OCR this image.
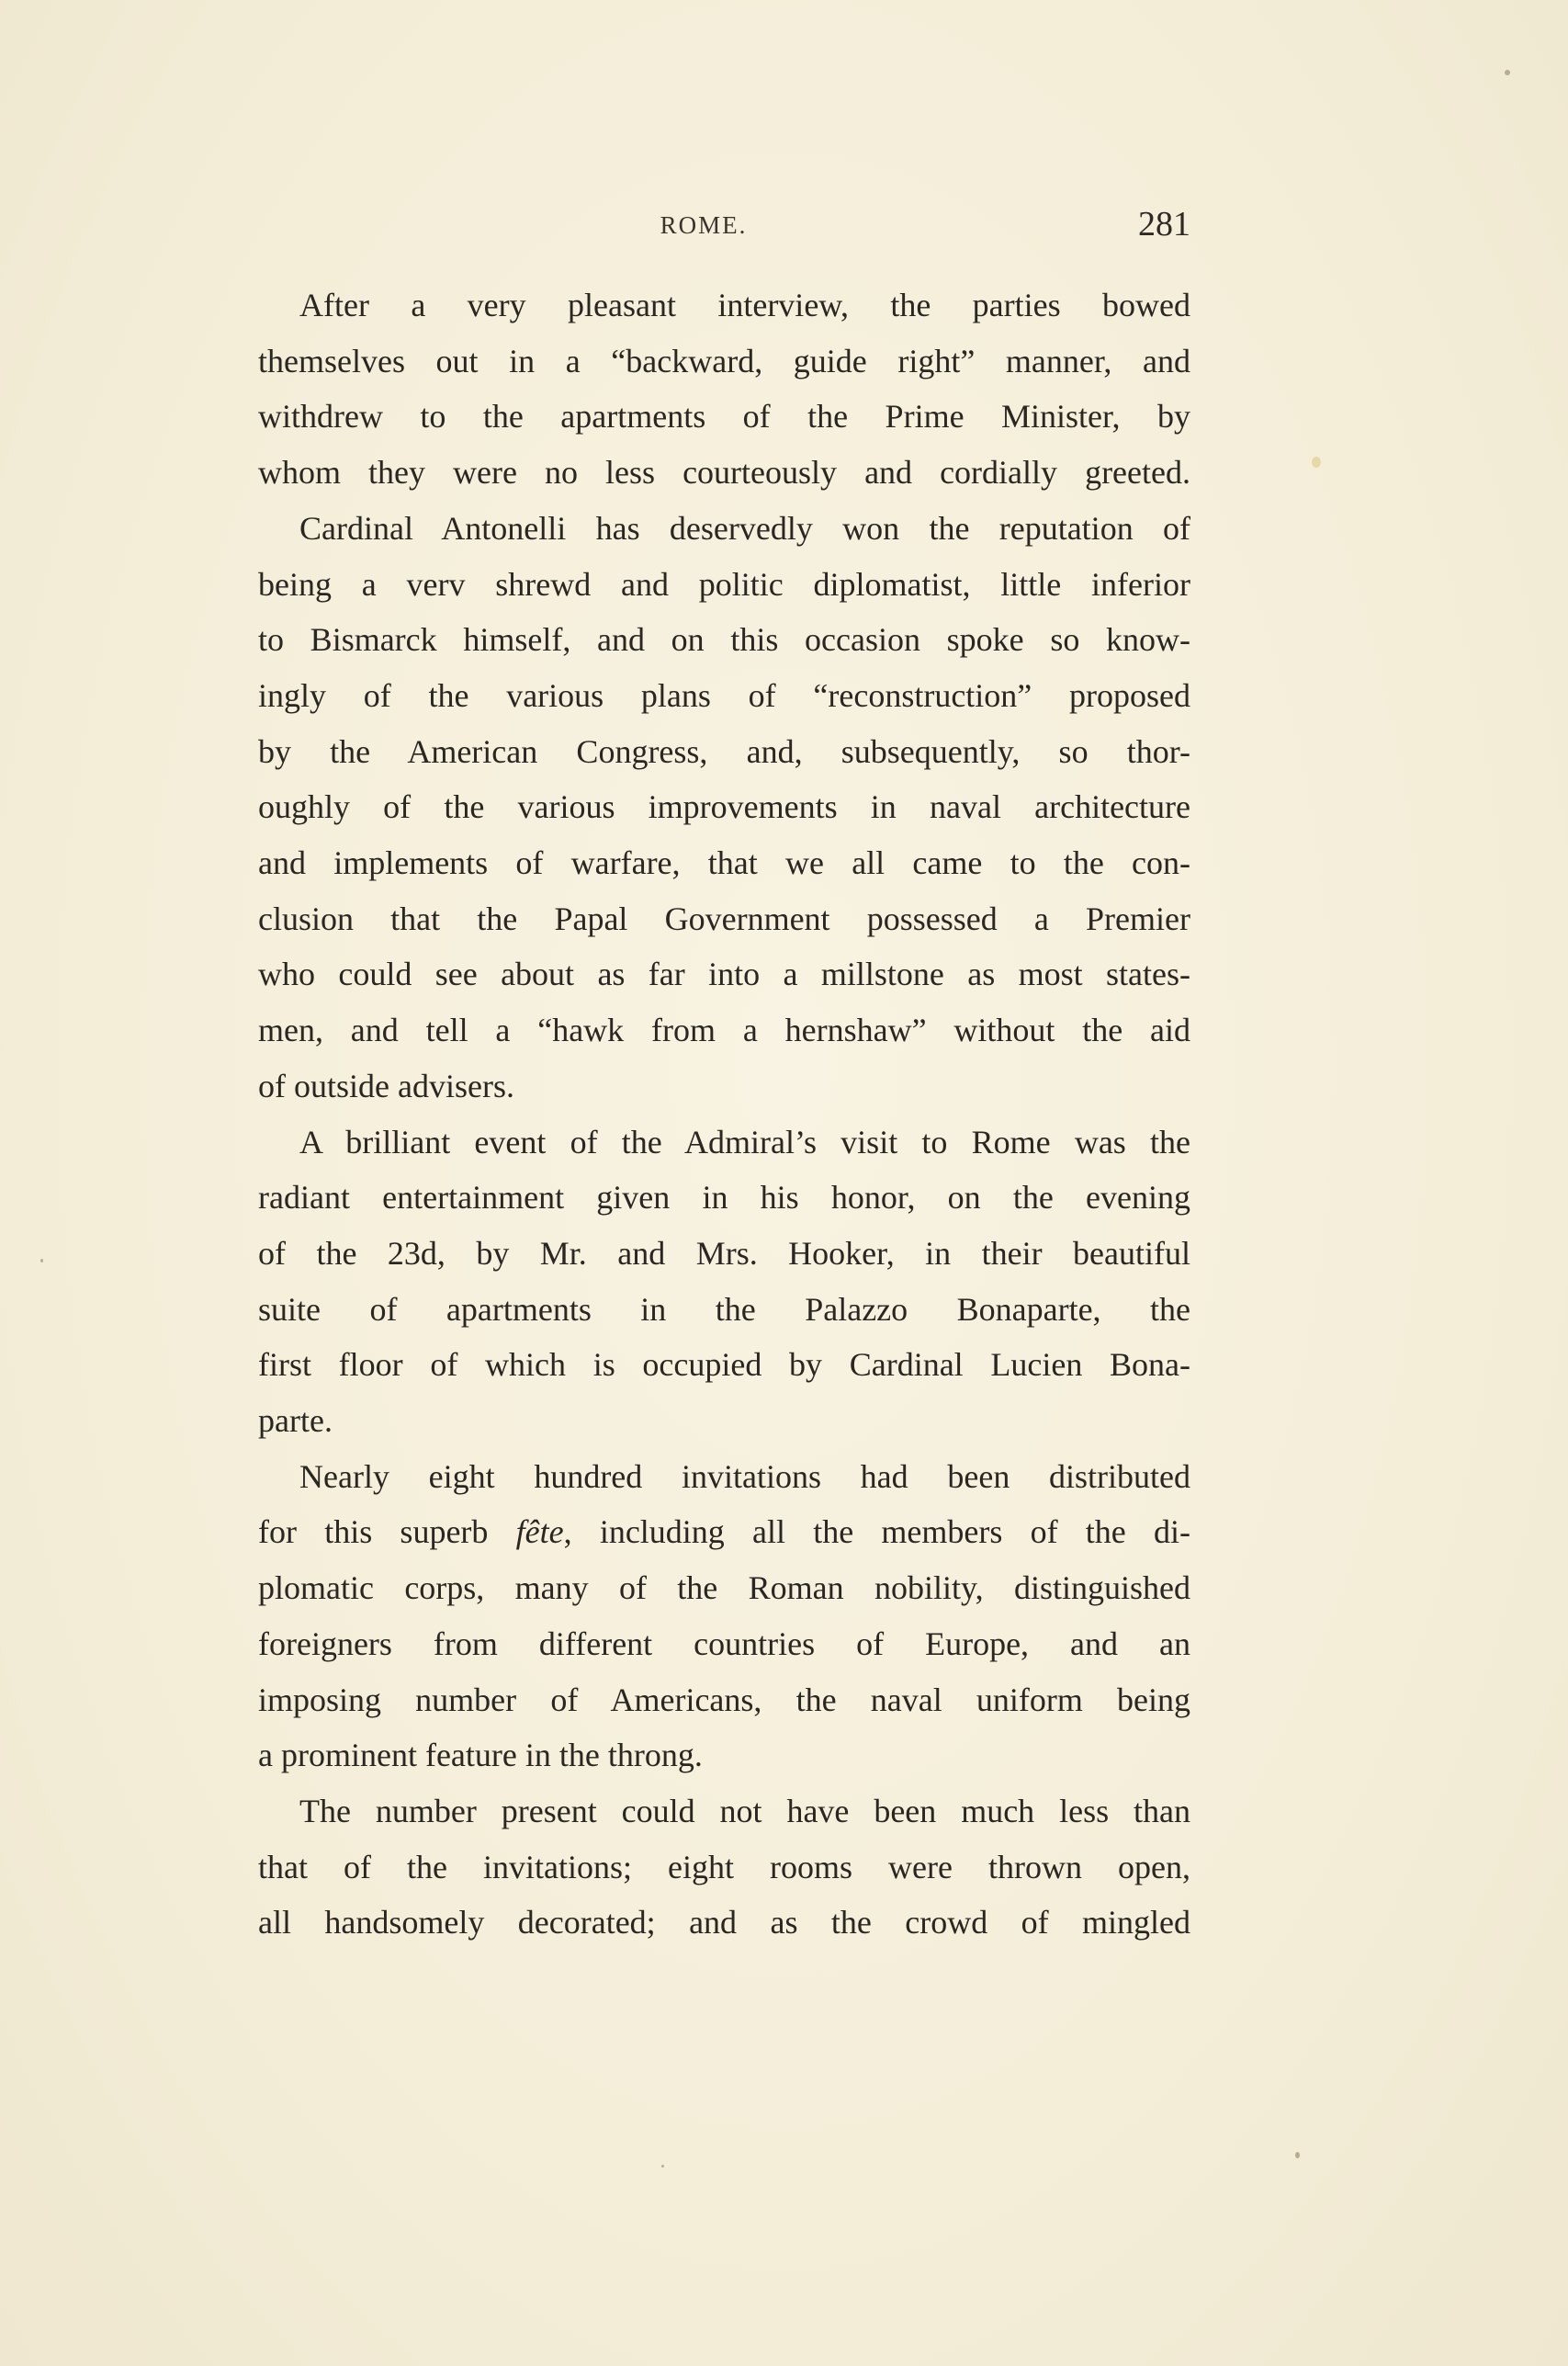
ROME.	281
After a very pleasant interview, the parties bowed
themselves out in a “backward, guide right” manner, and
withdrew to the apartments of the Prime Minister, by
whom they were no less courteously and cordially greeted.
Cardinal Antonelli has deservedly won the reputation of
being a verv shrewd and politic diplomatist, little inferior
to Bismarck himself, and on this occasion spoke so know-
ingly of the various plans of “reconstruction” proposed
by the American Congress, and, subsequently, so thor-
oughly of the various improvements in naval architecture
and implements of warfare, that we all came to the con-
clusion that the Papal Government possessed a Premier
who could see about as far into a millstone as most states-
men, and tell a “hawk from a hernshaw” without the aid
of outside advisers.
A brilliant event of the Admiral’s visit to Rome was the
radiant entertainment given in his honor, on the evening
of the 23d, by Mr. and Mrs. Hooker, in their beautiful
suite of apartments in the Palazzo Bonaparte, the
first floor of which is occupied by Cardinal Lucien Bona-
parte.
Nearly eight hundred invitations had been distributed
for this superb fête, including all the members of the di-
plomatic corps, many of the Roman nobility, distinguished
foreigners from different countries of Europe, and an
imposing number of Americans, the naval uniform being
a prominent feature in the throng.
The number present could not have been much less than
that of the invitations; eight rooms were thrown open,
all handsomely decorated; and as the crowd of mingled
